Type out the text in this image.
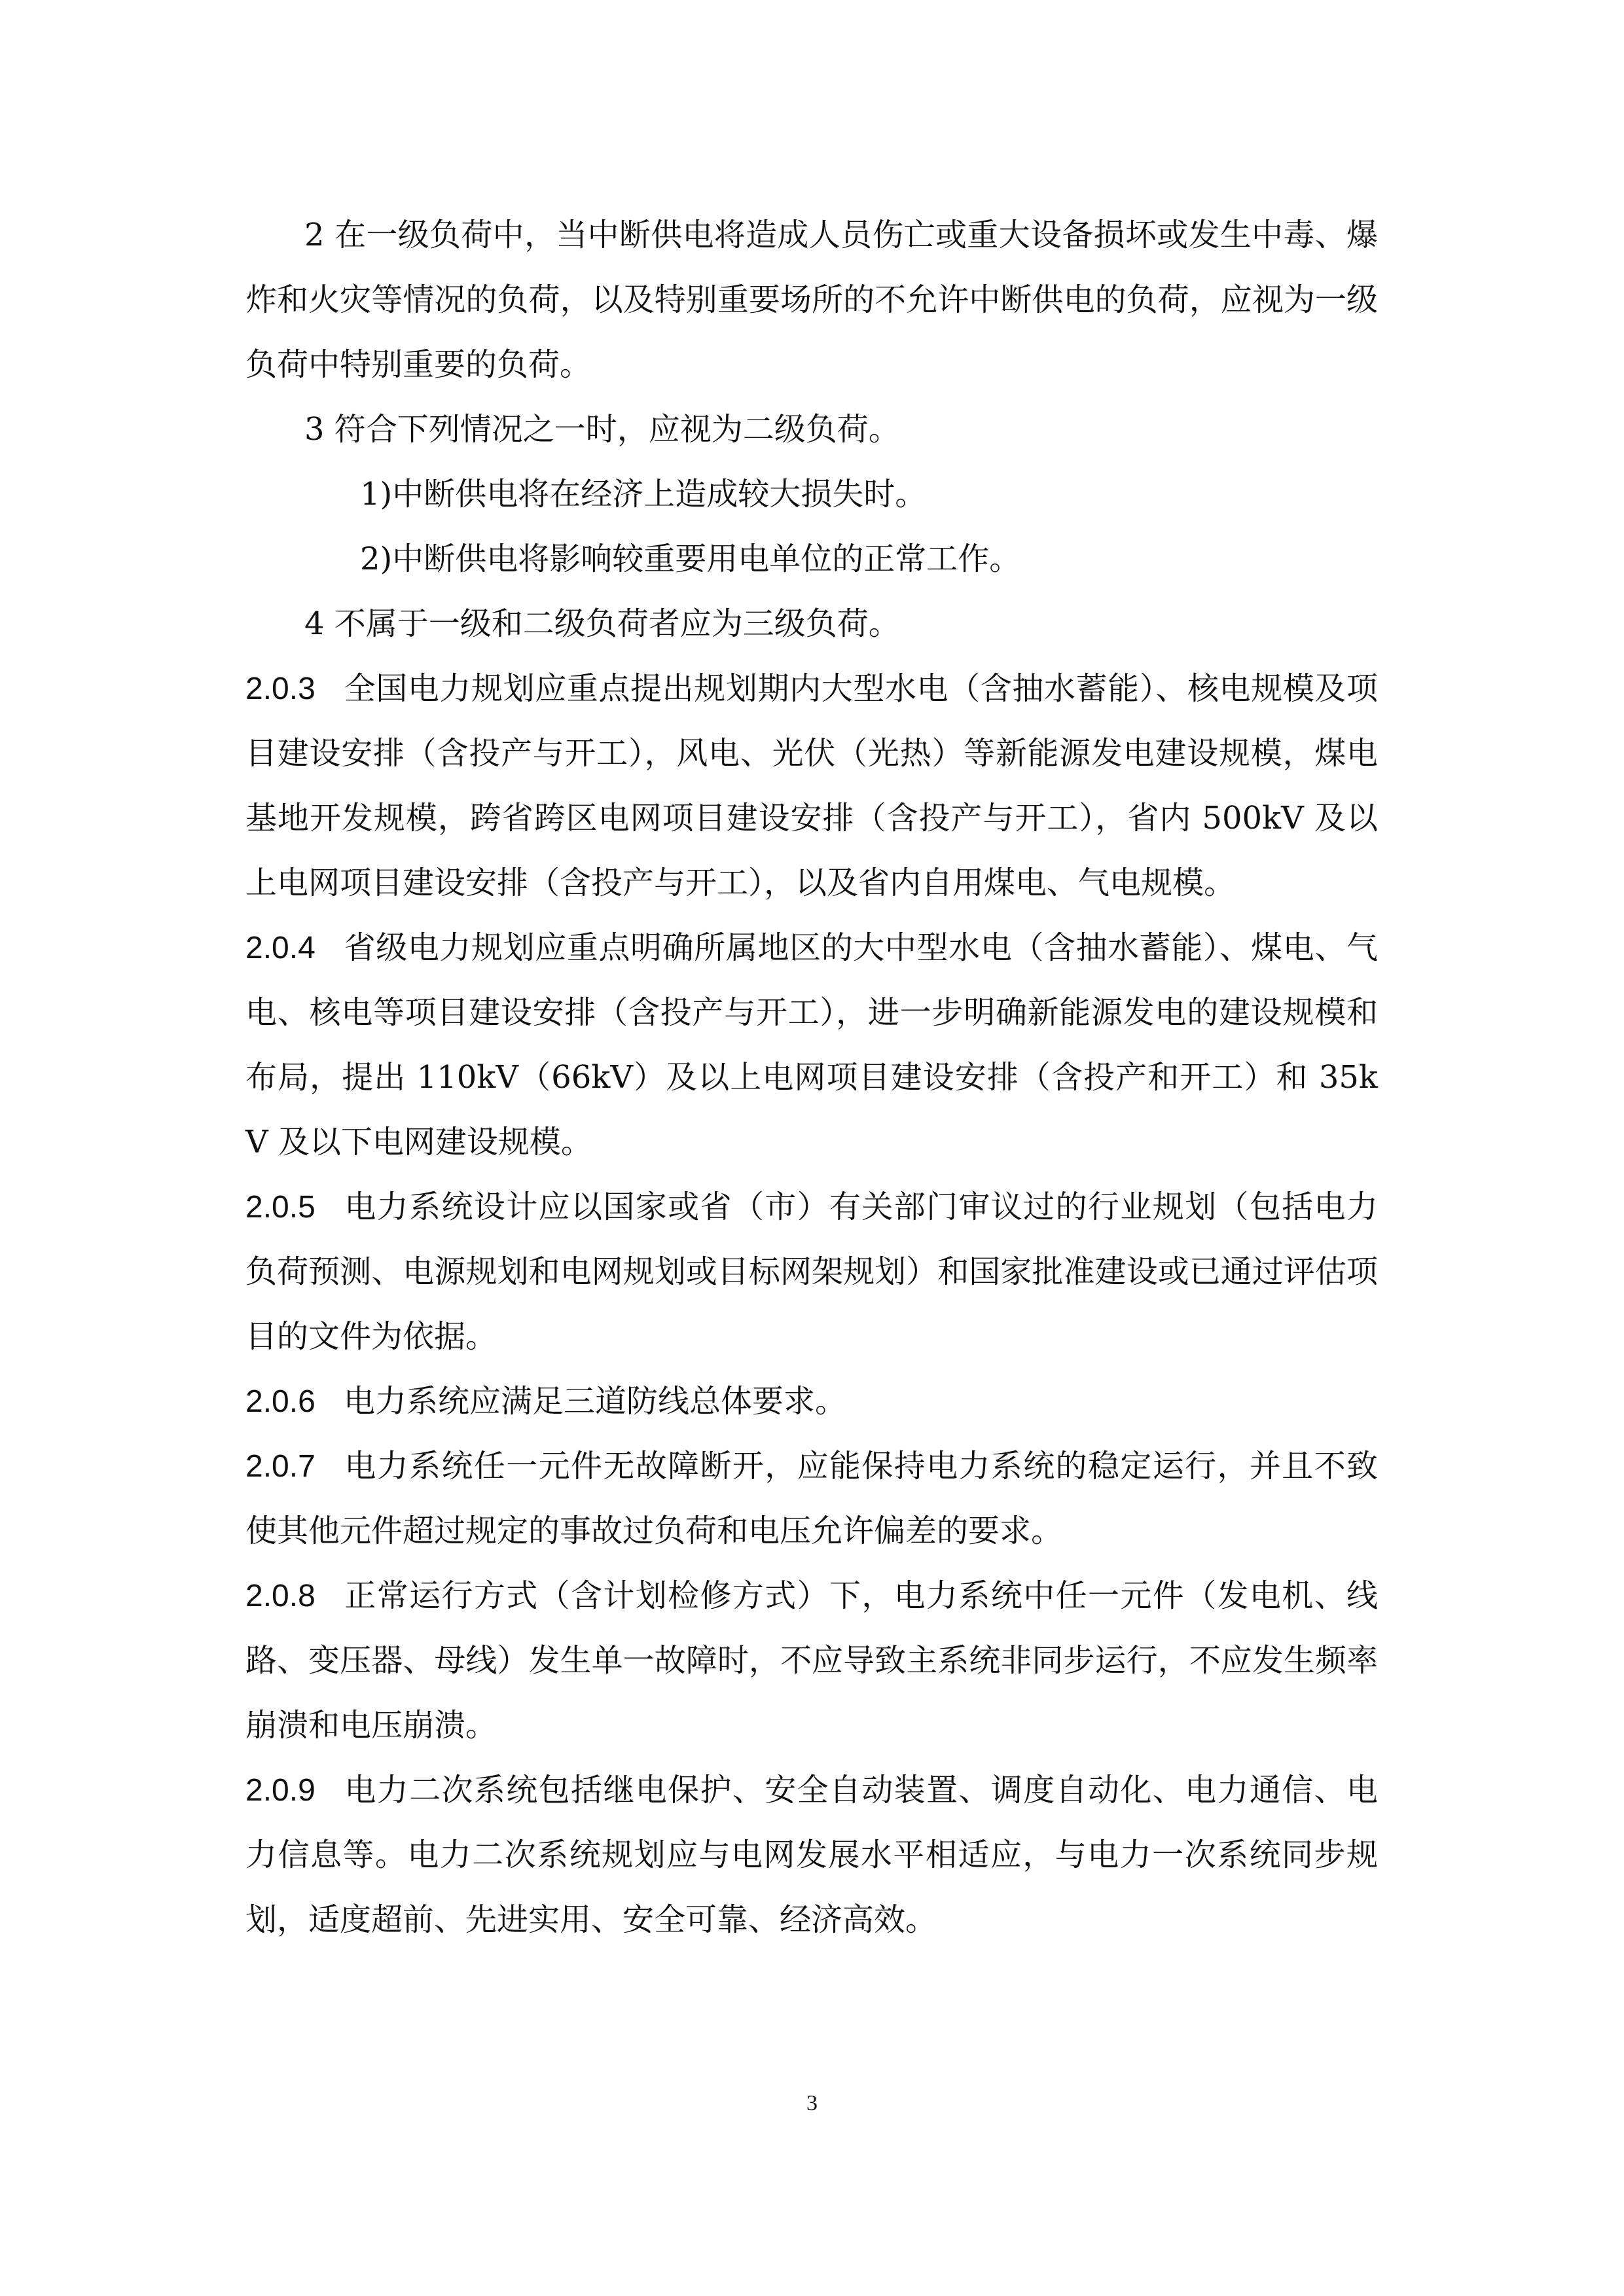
2 在一级负荷中，当中断供电将造成人员伤亡或重大设备损坏或发生中毒、爆炸和火灾等情况的负荷，以及特别重要场所的不允许中断供电的负荷，应视为一级负荷中特别重要的负荷。

3 符合下列情况之一时，应视为二级负荷。

1)中断供电将在经济上造成较大损失时。

2)中断供电将影响较重要用电单位的正常工作。

4 不属于一级和二级负荷者应为三级负荷。

2.0.3 全国电力规划应重点提出规划期内大型水电（含抽水蓄能）、核电规模及项目建设安排（含投产与开工），风电、光伏（光热）等新能源发电建设规模，煤电基地开发规模，跨省跨区电网项目建设安排（含投产与开工），省内 500kV 及以上电网项目建设安排（含投产与开工），以及省内自用煤电、气电规模。

2.0.4 省级电力规划应重点明确所属地区的大中型水电（含抽水蓄能）、煤电、气电、核电等项目建设安排（含投产与开工），进一步明确新能源发电的建设规模和布局，提出 110kV（66kV）及以上电网项目建设安排（含投产和开工）和 35kV 及以下电网建设规模。

2.0.5 电力系统设计应以国家或省（市）有关部门审议过的行业规划（包括电力负荷预测、电源规划和电网规划或目标网架规划）和国家批准建设或已通过评估项目的文件为依据。

2.0.6 电力系统应满足三道防线总体要求。

2.0.7 电力系统任一元件无故障断开，应能保持电力系统的稳定运行，并且不致使其他元件超过规定的事故过负荷和电压允许偏差的要求。

2.0.8 正常运行方式（含计划检修方式）下，电力系统中任一元件（发电机、线路、变压器、母线）发生单一故障时，不应导致主系统非同步运行，不应发生频率崩溃和电压崩溃。

2.0.9 电力二次系统包括继电保护、安全自动装置、调度自动化、电力通信、电力信息等。电力二次系统规划应与电网发展水平相适应，与电力一次系统同步规划，适度超前、先进实用、安全可靠、经济高效。

3
